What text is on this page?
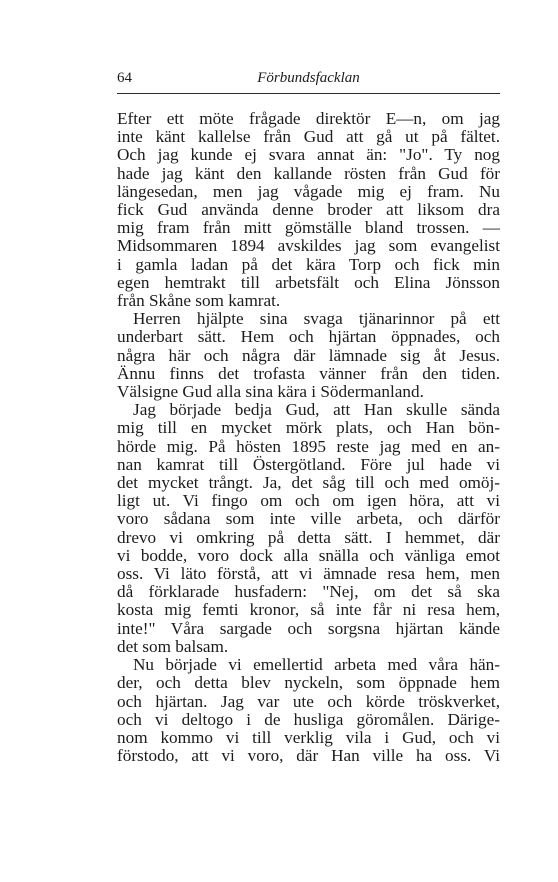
64	Förbundsfacklan
Efter ett möte frågade direktör E—n, om jag
inte känt kallelse från Gud att gå ut på fältet.
Och jag kunde ej svara annat än: "Jo". Ty nog
hade jag känt den kallande rösten från Gud för
längesedan, men jag vågade mig ej fram. Nu
fick Gud använda denne broder att liksom dra
mig fram från mitt gömställe bland trossen. —
Midsommaren 1894 avskildes jag som evangelist
i gamla ladan på det kära Torp och fick min
egen hemtrakt till arbetsfält och Elina Jönsson
från Skåne som kamrat.
Herren hjälpte sina svaga tjänarinnor på ett
underbart sätt. Hem och hjärtan öppnades, och
några här och några där lämnade sig åt Jesus.
Ännu finns det trofasta vänner från den tiden.
Välsigne Gud alla sina kära i Södermanland.
Jag började bedja Gud, att Han skulle sända
mig till en mycket mörk plats, och Han bön-
hörde mig. På hösten 1895 reste jag med en an-
nan kamrat till Östergötland. Före jul hade vi
det mycket trångt. Ja, det såg till och med omöj-
ligt ut. Vi fingo om och om igen höra, att vi
voro sådana som inte ville arbeta, och därför
drevo vi omkring på detta sätt. I hemmet, där
vi bodde, voro dock alla snälla och vänliga emot
oss. Vi läto förstå, att vi ämnade resa hem, men
då förklarade husfadern: "Nej, om det så ska
kosta mig femti kronor, så inte får ni resa hem,
inte!" Våra sargade och sorgsna hjärtan kände
det som balsam.
Nu började vi emellertid arbeta med våra hän-
der, och detta blev nyckeln, som öppnade hem
och hjärtan. Jag var ute och körde tröskverket,
och vi deltogo i de husliga göromålen. Därige-
nom kommo vi till verklig vila i Gud, och vi
förstodo, att vi voro, där Han ville ha oss. Vi
